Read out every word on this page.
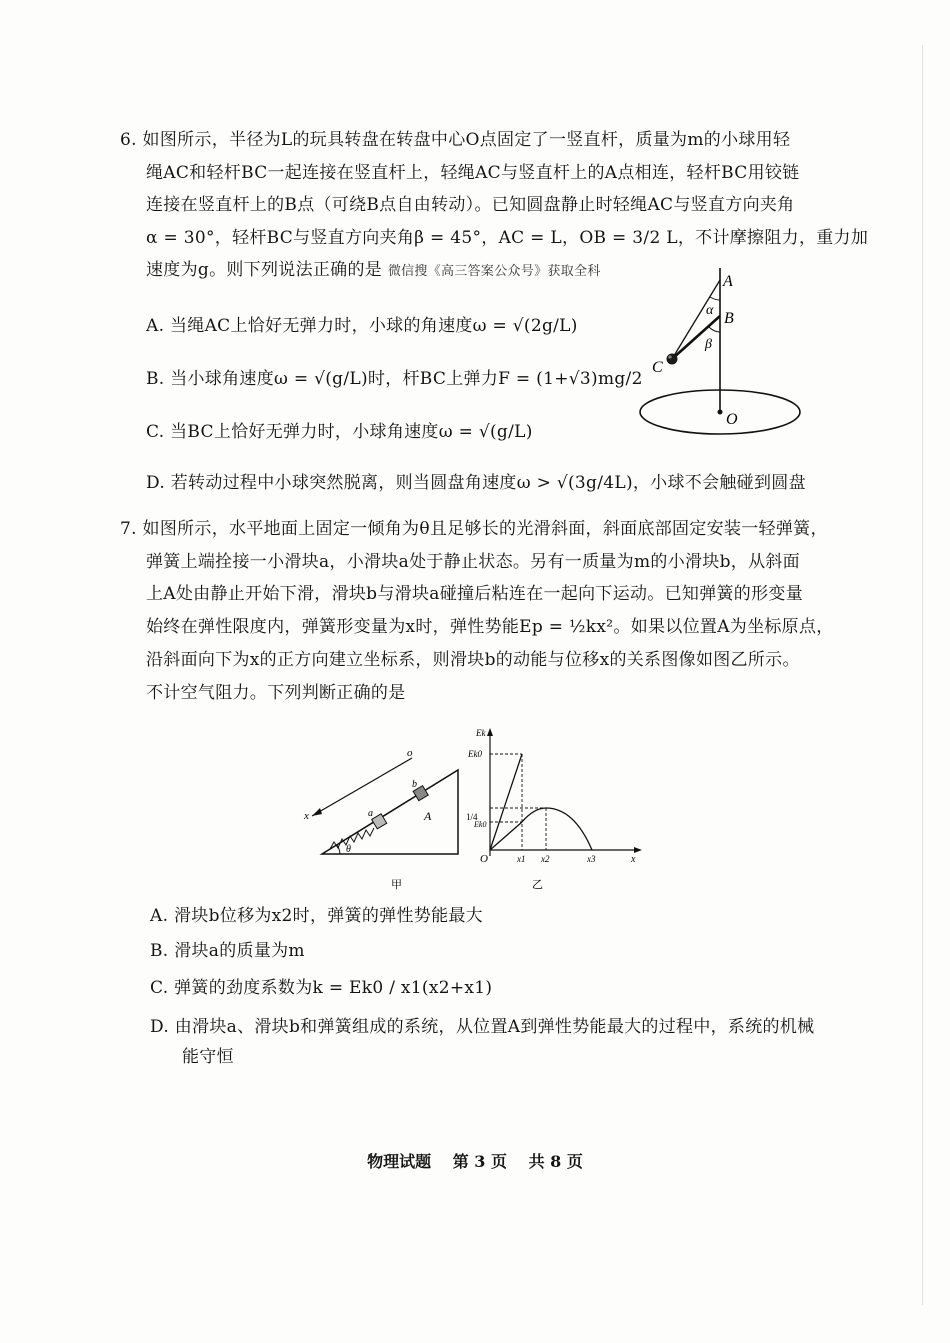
6. 如图所示，半径为L的玩具转盘在转盘中心O点固定了一竖直杆，质量为m的小球用轻
绳AC和轻杆BC一起连接在竖直杆上，轻绳AC与竖直杆上的A点相连，轻杆BC用铰链
连接在竖直杆上的B点（可绕B点自由转动）。已知圆盘静止时轻绳AC与竖直方向夹角
α = 30°，轻杆BC与竖直方向夹角β = 45°，AC = L，OB = 3/2 L，不计摩擦阻力，重力加
速度为g。则下列说法正确的是 微信搜《高三答案公众号》获取全科
A. 当绳AC上恰好无弹力时，小球的角速度ω = √(2g/L)
B. 当小球角速度ω = √(g/L)时，杆BC上弹力F = (1+√3)mg/2
C. 当BC上恰好无弹力时，小球角速度ω = √(g/L)
D. 若转动过程中小球突然脱离，则当圆盘角速度ω > √(3g/4L)，小球不会触碰到圆盘
A
α B
β
C
O
7. 如图所示，水平地面上固定一倾角为θ且足够长的光滑斜面，斜面底部固定安装一轻弹簧，
弹簧上端拴接一小滑块a，小滑块a处于静止状态。另有一质量为m的小滑块b，从斜面
上A处由静止开始下滑，滑块b与滑块a碰撞后粘连在一起向下运动。已知弹簧的形变量
始终在弹性限度内，弹簧形变量为x时，弹性势能Ep = ½kx²。如果以位置A为坐标原点，
沿斜面向下为x的正方向建立坐标系，则滑块b的动能与位移x的关系图像如图乙所示。
不计空气阻力。下列判断正确的是
o
x	a
b
A
θ
甲
Ek
Ek0
1/4
Ek0
O	x1 x2	x3	x
乙
A. 滑块b位移为x2时，弹簧的弹性势能最大
B. 滑块a的质量为m
C. 弹簧的劲度系数为k = Ek0 / x1(x2+x1)
D. 由滑块a、滑块b和弹簧组成的系统，从位置A到弹性势能最大的过程中，系统的机械
能守恒
物理试题 第 3 页 共 8 页
